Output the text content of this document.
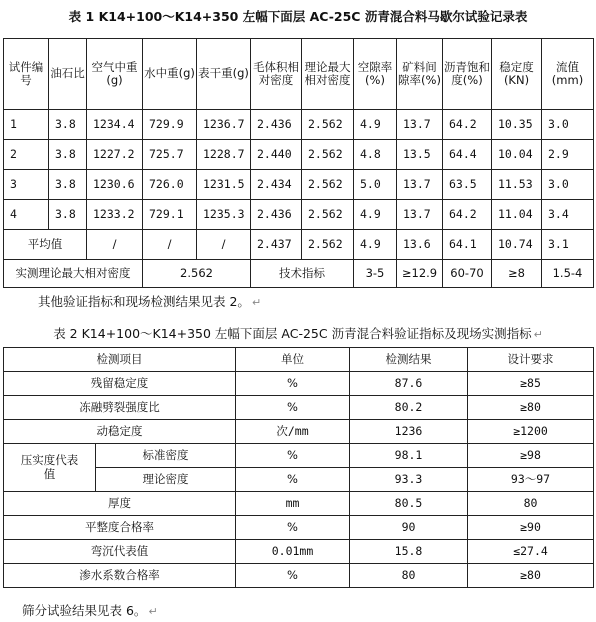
表 1 K14+100～K14+350 左幅下面层 AC-25C 沥青混合料马歇尔试验记录表
试件编号	油石比	空气中重(g)	水中重(g)	表干重(g)	毛体积相对密度	理论最大相对密度	空隙率(%)	矿料间隙率(%)	沥青饱和度(%)	稳定度(KN)	流值(mm)
1	3.8	1234.4	729.9	1236.7	2.436	2.562	4.9	13.7	64.2	10.35	3.0
2	3.8	1227.2	725.7	1228.7	2.440	2.562	4.8	13.5	64.4	10.04	2.9
3	3.8	1230.6	726.0	1231.5	2.434	2.562	5.0	13.7	63.5	11.53	3.0
4	3.8	1233.2	729.1	1235.3	2.436	2.562	4.9	13.7	64.2	11.04	3.4
平均值		/	/	/	2.437	2.562	4.9	13.6	64.1	10.74	3.1
实测理论最大相对密度			2.562		技术指标		3-5	≥12.9	60-70	≥8	1.5-4
其他验证指标和现场检测结果见表 2。 ↵
表 2 K14+100～K14+350 左幅下面层 AC-25C 沥青混合料验证指标及现场实测指标 ↵
检测项目		单位	检测结果	设计要求
残留稳定度		%	87.6	≥85
冻融劈裂强度比		%	80.2	≥80
动稳定度		次/mm	1236	≥1200
压实度代表值	标准密度	%	98.1	≥98
	理论密度	%	93.3	93～97
厚度		mm	80.5	80
平整度合格率		%	90	≥90
弯沉代表值		0.01mm	15.8	≤27.4
渗水系数合格率		%	80	≥80
筛分试验结果见表 6。 ↵
